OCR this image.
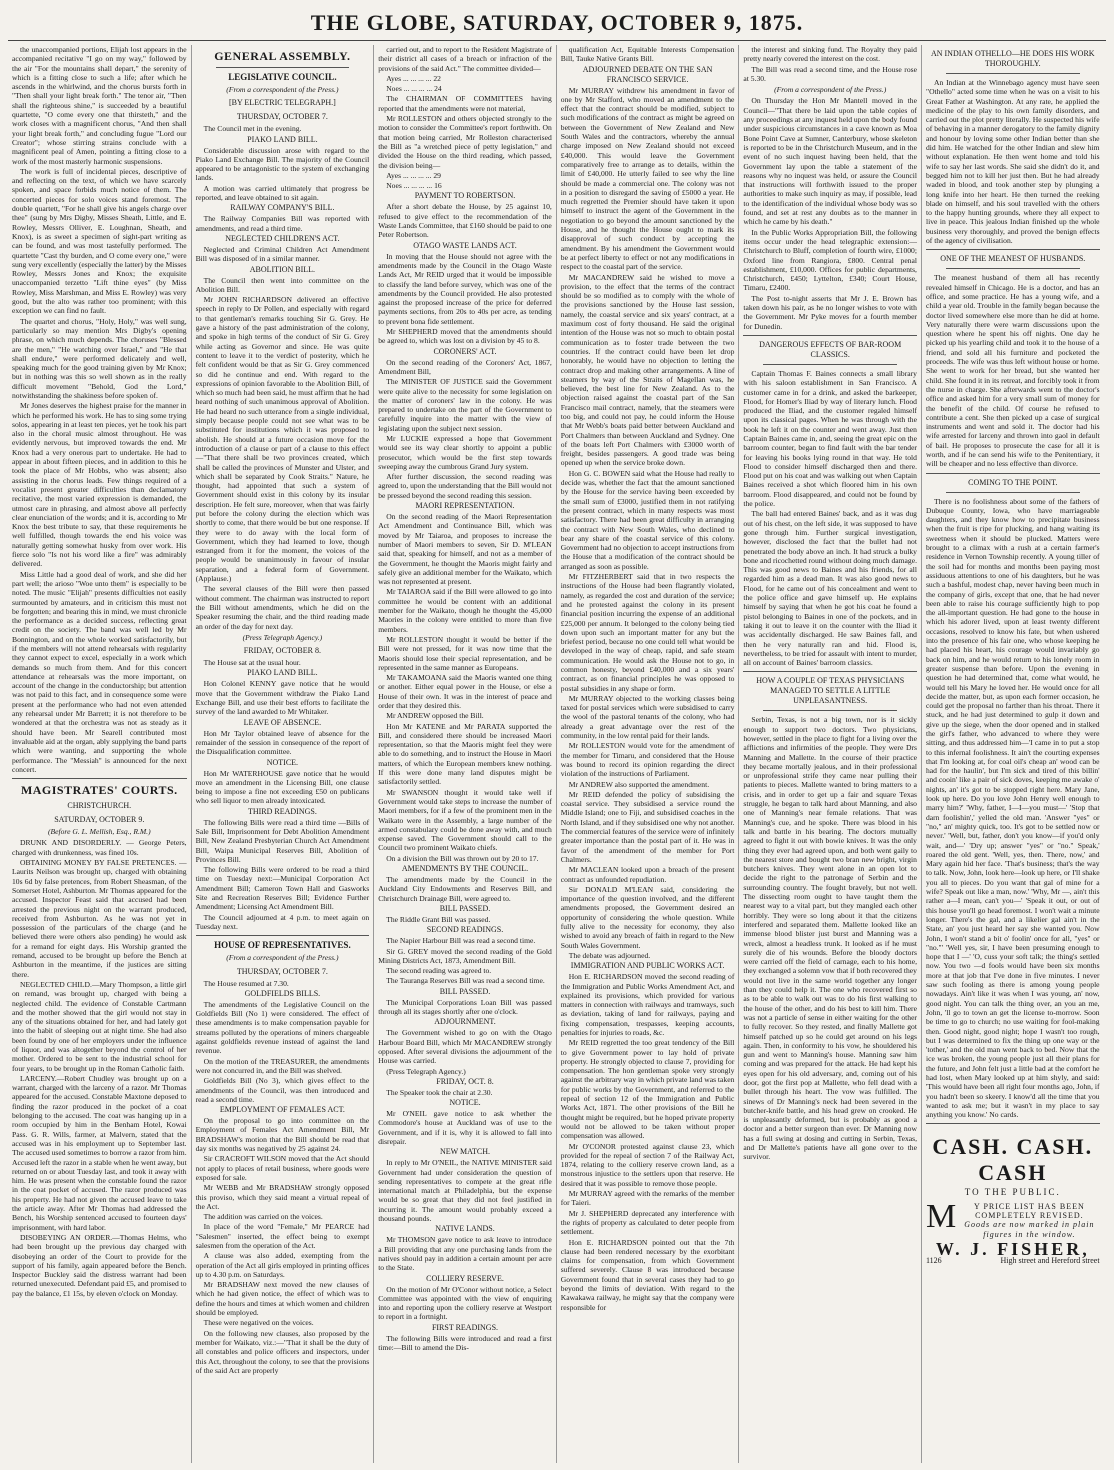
THE GLOBE, SATURDAY, OCTOBER 9, 1875.

the unaccompanied portions, Elijah lost appears in the accompanied recitative "I go on my way," followed by the air "For the mountains shall depart," the serenity of which is a fitting close to such a life; after which he ascends in the whirlwind, and the chorus bursts forth in "Then shall your light break forth." The tenor air, "Then shall the righteous shine," is succeeded by a beautiful quartette, "O come every one that thirsteth," and the work closes with a magnificent chorus, "And then shall your light break forth," and concluding fugue "Lord our Creator"; whose stirring strains conclude with a magnificent peal of Amen, pointing a fitting close to a work of the most masterly harmonic suspensions.

The work is full of incidental pieces, descriptive of and reflecting on the text, of which we have scarcely spoken, and space forbids much notice of them. The concerted pieces for solo voices stand foremost. The double quartett, "For he shall give his angels charge over thee" (sung by Mrs Digby, Misses Sheath, Little, and E. Rowley, Messrs Olliver, E. Loughnan, Sheath, and Knox), is as sweet a specimen of sight-part writing as can be found, and was most tastefully performed. The quartette "Cast thy burden, and O come every one," were sung very excellently (especially the latter) by the Misses Rowley, Messrs Jones and Knox; the exquisite unaccompanied terzetto "Lift thine eyes" (by Miss Rowley, Miss Marshman, and Miss E. Rowley) was very good, but the alto was rather too prominent; with this exception we can find no fault.

The quartet and chorus, "Holy, Holy," was well sung, particularly so may mention Mrs Digby's opening phrase, on which much depends. The choruses "Blessed are the men," "He watching over Israel," and "He that shall endure," were performed delicately and well, speaking much for the good training given by Mr Knox; but in nothing was this so well shown as in the really difficult movement "Behold, God the Lord," notwithstanding the shakiness before spoken of.

Mr Jones deserves the highest praise for the manner in which he performed his work. He has to sing some trying solos, appearing in at least ten pieces, yet he took his part also in the choral music almost throughout. He was evidently nervous, but improved towards the end. Mr Knox had a very onerous part to undertake. He had to appear in about fifteen pieces, and in addition to this he took the place of Mr Hobbs, who was absent; also assisting in the chorus leads. Few things required of a vocalist present greater difficulties than declamatory recitative, the most varied expression is demanded, the utmost care in phrasing, and almost above all perfectly clear enunciation of the words; and it is, according to Mr Knox the best tribute to say, that these requirements he well fulfilled, though towards the end his voice was naturally getting somewhat husky from over work. His fierce solo "Is not his word like a fire" was admirably delivered.

Miss Little had a good deal of work, and she did her part well; the arioso "Woe unto them" is especially to be noted. The music "Elijah" presents difficulties not easily surmounted by amateurs, and in criticism this must not be forgotten; and bearing this in mind, we must chronicle the performance as a decided success, reflecting great credit on the society. The band was well led by Mr Bonnington, and on the whole worked satisfactorily, but if the members will not attend rehearsals with regularity they cannot expect to excel, especially in a work which demands so much from them. And for this concert attendance at rehearsals was the more important, on account of the change in the conductorship; but attention was not paid to this fact, and in consequence some were present at the performance who had not even attended any rehearsal under Mr Barrett; it is not therefore to be wondered at that the orchestra was not as steady as it should have been. Mr Searell contributed most invaluable aid at the organ, ably supplying the band parts which were wanting, and supporting the whole performance. The "Messiah" is announced for the next concert.

MAGISTRATES' COURTS.
CHRISTCHURCH.
SATURDAY, OCTOBER 9.
(Before G. L. Mellish, Esq., R.M.)

DRUNK AND DISORDERLY. — George Peters, charged with drunkenness, was fined 10s.

OBTAINING MONEY BY FALSE PRETENCES. —Laurits Neilson was brought up, charged with obtaining 10s 6d by false pretences, from Robert Sheasman, of the Somerset Hotel, Ashburton. Mr Thomas appeared for the accused. Inspector Feast said that accused had been arrested the previous night on the warrant produced, received from Ashburton. As he was not yet in possession of the particulars of the charge (and he believed there were others also pending) he would ask for a remand for eight days. His Worship granted the remand, accused to be brought up before the Bench at Ashburton in the meantime, if the justices are sitting there.

NEGLECTED CHILD.—Mary Thompson, a little girl on remand, was brought up, charged with being a neglected child. The evidence of Constable Cartmann and the mother showed that the girl would not stay in any of the situations obtained for her, and had lately got into the habit of sleeping out at night time. She had also been found by one of her employers under the influence of liquor, and was altogether beyond the control of her mother. Ordered to be sent to the industrial school for four years, to be brought up in the Roman Catholic faith.

LARCENY.—Robert Chudley was brought up on a warrant, charged with the larceny of a razor. Mr Thomas appeared for the accused. Constable Maxtone deposed to finding the razor produced in the pocket of a coat belonging to the accused. The coat was hanging up in a room occupied by him in the Benham Hotel, Kowai Pass. G. R. Wills, farmer, at Malvern, stated that the accused was in his employment up to September last. The accused used sometimes to borrow a razor from him. Accused left the razor in a stable when he went away, but returned on or about Tuesday last, and took it away with him. He was present when the constable found the razor in the coat pocket of accused. The razor produced was his property. He had not given the accused leave to take the article away. After Mr Thomas had addressed the Bench, his Worship sentenced accused to fourteen days' imprisonment, with hard labor.

DISOBEYING AN ORDER.—Thomas Helms, who had been brought up the previous day charged with disobeying an order of the Court to provide for the support of his family, again appeared before the Bench. Inspector Buckley said the distress warrant had been returned unexecuted. Defendant paid £5, and promised to pay the balance, £1 15s, by eleven o'clock on Monday.

GENERAL ASSEMBLY.
LEGISLATIVE COUNCIL.
(From a correspondent of the Press.)
[BY ELECTRIC TELEGRAPH.]
THURSDAY, OCTOBER 7.

The Council met in the evening.

PIAKO LAND BILL.

Considerable discussion arose with regard to the Piako Land Exchange Bill. The majority of the Council appeared to be antagonistic to the system of exchanging lands.

A motion was carried ultimately that progress be reported, and leave obtained to sit again.

RAILWAY COMPANY'S BILL.

The Railway Companies Bill was reported with amendments, and read a third time.

NEGLECTED CHILDREN'S ACT.

Neglected and Criminal Children Act Amendment Bill was disposed of in a similar manner.

ABOLITION BILL.

The Council then went into committee on the Abolition Bill.

Mr JOHN RICHARDSON delivered an effective speech in reply to Dr Pollen, and especially with regard to that gentleman's remarks touching Sir G. Grey. He gave a history of the past administration of the colony, and spoke in high terms of the conduct of Sir G. Grey while acting as Governor and since. He was quite content to leave it to the verdict of posterity, which he felt confident would be that as Sir G. Grey commenced so did he continue and end. With regard to the expressions of opinion favorable to the Abolition Bill, of which so much had been said, he must affirm that he had heard nothing of such unanimous approval of Abolition. He had heard no such utterance from a single individual, simply because people could not see what was to be substituted for institutions which it was proposed to abolish. He should at a future occasion move for the introduction of a clause or part of a clause to this effect—"That there shall be two provinces created, which shall be called the provinces of Munster and Ulster, and which shall be separated by Cook Straits." Nature, he thought, had appointed that such a system of Government should exist in this colony by its insular description. He felt sure, moreover, when that was fairly put before the colony during the election which was shortly to come, that there would be but one response. If they were to do away with the local form of Government, which they had learned to love, though estranged from it for the moment, the voices of the people would be unanimously in favour of insular separation, and a federal form of Government. (Applause.)

The several clauses of the Bill were then passed without comment. The chairman was instructed to report the Bill without amendments, which he did on the Speaker resuming the chair, and the third reading made an order of the day for next day.

(Press Telegraph Agency.)
FRIDAY, OCTOBER 8.

The House sat at the usual hour.

PIAKO LAND BILL.

Hon Colonel KENNY gave notice that he would move that the Government withdraw the Piako Land Exchange Bill, and use their best efforts to facilitate the survey of the land awarded to Mr Whitaker.

LEAVE OF ABSENCE.

Hon Mr Taylor obtained leave of absence for the remainder of the session in consequence of the report of the Disqualification committee.

NOTICE.

Hon Mr WATERHOUSE gave notice that he would move an amendment in the Licensing Bill, one clause being to impose a fine not exceeding £50 on publicans who sell liquor to men already intoxicated.

THIRD READINGS.

The following Bills were read a third time —Bills of Sale Bill, Imprisonment for Debt Abolition Amendment Bill, New Zealand Presbyterian Church Act Amendment Bill, Waipa Municipal Reserves Bill, Abolition of Provinces Bill.

The following Bills were ordered to be read a third time on Tuesday next:—Municipal Corporation Act Amendment Bill; Cameron Town Hall and Gasworks Site and Recreation Reserves Bill; Evidence Further Amendment; Licensing Act Amendment Bill.

The Council adjourned at 4 p.m. to meet again on Tuesday next.

HOUSE OF REPRESENTATIVES.
(From a correspondent of the Press.)
THURSDAY, OCTOBER 7.

The House resumed at 7.30.

GOLDFIELDS BILLS.

The amendments of the Legislative Council on the Goldfields Bill (No 1) were considered. The effect of these amendments is to make compensation payable for streams polluted by the operations of miners chargeable against goldfields revenue instead of against the land revenue.

On the motion of the TREASURER, the amendments were not concurred in, and the Bill was shelved.

Goldfields Bill (No 3), which gives effect to the amendments of the Council, was then introduced and read a second time.

EMPLOYMENT OF FEMALES ACT.

On the proposal to go into committee on the Employment of Females Act Amendment Bill, Mr BRADSHAW's motion that the Bill should be read that day six months was negatived by 25 against 24.

Sir CRACROFT WILSON moved that the Act should not apply to places of retail business, where goods were exposed for sale.

Mr WEBB and Mr BRADSHAW strongly opposed this proviso, which they said meant a virtual repeal of the Act.

The addition was carried on the voices.

In place of the word "Female," Mr PEARCE had "Salesmen" inserted, the effect being to exempt salesmen from the operation of the Act.

A clause was also added, exempting from the operation of the Act all girls employed in printing offices up to 4.30 p.m. on Saturdays.

Mr BRADSHAW next moved the new clauses of which he had given notice, the effect of which was to define the hours and times at which women and children should be employed.

These were negatived on the voices.

On the following new clauses, also proposed by the member for Waikato, viz.:—"That it shall be the duty of all constables and police officers and inspectors, under this Act, throughout the colony, to see that the provisions of the said Act are properly

carried out, and to report to the Resident Magistrate of their district all cases of a breach or infraction of the provisions of the said Act." The committee divided—

Ayes ... ... ... ... 22

Noes ... ... ... ... 24

The CHAIRMAN OF COMMITTEES having reported that the amendments were not material,

Mr ROLLESTON and others objected strongly to the motion to consider the Committee's report forthwith. On that motion being carried, Mr Rolleston characterised the Bill as "a wretched piece of petty legislation," and divided the House on the third reading, which passed, the division being—

Ayes ... ... ... ... 29

Noes ... ... ... ... 16

PAYMENT TO ROBERTSON.

After a short debate the House, by 25 against 10, refused to give effect to the recommendation of the Waste Lands Committee, that £160 should be paid to one Peter Robertson.

OTAGO WASTE LANDS ACT.

In moving that the House should not agree with the amendments made by the Council in the Otago Waste Lands Act, Mr REID urged that it would be impossible to classify the land before survey, which was one of the amendments by the Council provided. He also protested against the proposed increase of the price for deferred payments sections, from 20s to 40s per acre, as tending to prevent bona fide settlement.

Mr SHEPHERD moved that the amendments should be agreed to, which was lost on a division by 45 to 8.

CORONERS' ACT.

On the second reading of the Coroners' Act, 1867, Amendment Bill,

The MINISTER OF JUSTICE said the Government were quite alive to the necessity for some legislation on the matter of coroners' law in the colony. He was prepared to undertake on the part of the Government to carefully inquire into the matter with the view of legislating upon the subject next session.

Mr LUCKIE expressed a hope that Government would see its way clear shortly to appoint a public prosecutor, which would be the first step towards sweeping away the cumbrous Grand Jury system.

After further discussion, the second reading was agreed to, upon the understanding that the Bill would not be pressed beyond the second reading this session.

MAORI REPRESENTATION.

On the second reading of the Maori Representation Act Amendment and Continuance Bill, which was moved by Mr Taiaroa, and proposes to increase the number of Maori members to seven, Sir D. M'LEAN said that, speaking for himself, and not as a member of the Government, he thought the Maoris might fairly and safely give an additional member for the Waikato, which was not represented at present.

Mr TAIAROA said if the Bill were allowed to go into committee he would be content with an additional member for the Waikato, though he thought the 45,000 Maories in the colony were entitled to more than five members.

Mr ROLLESTON thought it would be better if the Bill were not pressed, for it was now time that the Maoris should lose their special representation, and be represented in the same manner as Europeans.

Mr TAKAMOANA said the Maoris wanted one thing or another. Either equal power in the House, or else a House of their own. It was in the interest of peace and order that they desired this.

Mr ANDREW opposed the Bill.

Hon Mr KATENE and Mr PARATA supported the Bill, and considered there should be increased Maori representation, so that the Maoris might feel they were able to do something, and to instruct the House in Maori matters, of which the European members knew nothing. If this were done many land disputes might be satisfactorily settled.

Mr SWANSON thought it would take well if Government would take steps to increase the number of Maori members, for if a few of the prominent men in the Waikato were in the Assembly, a large number of the armed constabulary could be done away with, and much expense saved. The Government should call to the Council two prominent Waikato chiefs.

On a division the Bill was thrown out by 20 to 17.

AMENDMENTS BY THE COUNCIL.

The amendments made by the Council in the Auckland City Endowments and Reserves Bill, and Christchurch Drainage Bill, were agreed to.

BILL PASSED.

The Riddle Grant Bill was passed.

SECOND READINGS.

The Napier Harbour Bill was read a second time.

Sir G. GREY moved the second reading of the Gold Mining Districts Act, 1873, Amendment Bill.

The second reading was agreed to.

The Tauranga Reserves Bill was read a second time.

BILL PASSED.

The Municipal Corporations Loan Bill was passed through all its stages shortly after one o'clock.

ADJOURNMENT.

The Government wished to go on with the Otago Harbour Board Bill, which Mr MACANDREW strongly opposed. After several divisions the adjournment of the House was carried.

(Press Telegraph Agency.)

FRIDAY, OCT. 8.

The Speaker took the chair at 2.30.

NOTICE.

Mr O'NEIL gave notice to ask whether the Commodore's house at Auckland was of use to the Government, and if it is, why it is allowed to fall into disrepair.

NEW MATCH.

In reply to Mr O'NEIL, the NATIVE MINISTER said Government had under consideration the question of sending representatives to compete at the great rifle international match at Philadelphia, but the expense would be so great that they did not feel justified in incurring it. The amount would probably exceed a thousand pounds.

NATIVE LANDS.

Mr THOMSON gave notice to ask leave to introduce a Bill providing that any one purchasing lands from the natives should pay in addition a certain amount per acre to the State.

COLLIERY RESERVE.

On the motion of Mr O'Conor without notice, a Select Committee was appointed with the view of enquiring into and reporting upon the colliery reserve at Westport to report in a fortnight.

FIRST READINGS.

The following Bills were introduced and read a first time:—Bill to amend the Dis-

qualification Act, Equitable Interests Compensation Bill, Tauke Native Grants Bill.

ADJOURNED DEBATE ON THE SAN FRANCISCO SERVICE.

Mr MURRAY withdrew his amendment in favor of one by Mr Stafford, who moved an amendment to the effect that the contract should be modified, subject to such modifications of the contract as might be agreed on between the Government of New Zealand and New South Wales and the contractors, whereby the annual charge imposed on New Zealand should not exceed £40,000. This would leave the Government comparatively free to arrange as to details, within the limit of £40,000. He utterly failed to see why the line should be made a commercial one. The colony was not in a position to disregard the saving of £5000 a year. He much regretted the Premier should have taken it upon himself to instruct the agent of the Government in the negotiation to go beyond the amount sanctioned by the House, and he thought the House ought to mark its disapproval of such conduct by accepting the amendment. By his amendment the Government would be at perfect liberty to effect or not any modifications in respect to the coastal part of the service.

Mr MACANDREW said he wished to move a provision, to the effect that the terms of the contract should be so modified as to comply with the whole of the provisions sanctioned by the House last session, namely, the coastal service and six years' contract, at a maximum cost of forty thousand. He said the original intention of the House was not so much to obtain postal communication as to foster trade between the two countries. If the contract could have been let drop honorably, he would have no objection to letting the contract drop and making other arrangements. A line of steamers by way of the Straits of Magellan was, he believed, the best line for New Zealand. As to the objection raised against the coastal part of the San Francisco mail contract, namely, that the steamers were too big, and could not pay, he could inform the House that Mr Webb's boats paid better between Auckland and Port Chalmers than between Auckland and Sydney. One of the boats left Port Chalmers with £3000 worth of freight, besides passengers. A good trade was being opened up when the service broke down.

Hon G. C. BOWEN said what the House had really to decide was, whether the fact that the amount sanctioned by the House for the service having been exceeded by the small sum of £3000, justified them in not ratifying the present contract, which in many respects was most satisfactory. There had been great difficulty in arranging the contract with New South Wales, who declined to bear any share of the coastal service of this colony. Government had no objection to accept instructions from the House that a modification of the contract should be arranged as soon as possible.

Mr FITZHERBERT said that in two respects the instructions of the House had been flagrantly violated, namely, as regarded the cost and duration of the service; and he protested against the colony in its present financial position incurring the expense of an additional £25,000 per annum. It belonged to the colony being tied down upon such an important matter for any but the briefest period, because no one could tell what would be developed in the way of cheap, rapid, and safe steam communication. He would ask the House not to go, in common honesty, beyond £40,000 and a six years' contract, as on financial principles he was opposed to postal subsidies in any shape or form.

Mr MURRAY objected to the working classes being taxed for postal services which were subsidised to carry the wool of the pastoral tenants of the colony, who had already a great advantage over the rest of the community, in the low rental paid for their lands.

Mr ROLLESTON would vote for the amendment of the member for Timaru, and considered that the House was bound to record its opinion regarding the direct violation of the instructions of Parliament.

Mr ANDREW also supported the amendment.

Mr REID defended the policy of subsidising the coastal service. They subsidised a service round the Middle Island; one to Fiji, and subsidised coaches in the North Island, and if they subsidised one why not another. The commercial features of the service were of infinitely greater importance than the postal part of it. He was in favor of the amendment of the member for Port Chalmers.

Mr MACLEAN looked upon a breach of the present contract as unfounded repudiation.

Sir DONALD M'LEAN said, considering the importance of the question involved, and the different amendments proposed, the Government desired an opportunity of considering the whole question. While fully alive to the necessity for economy, they also wished to avoid any breach of faith in regard to the New South Wales Government.

The debate was adjourned.

IMMIGRATION AND PUBLIC WORKS ACT.

Hon E. RICHARDSON moved the second reading of the Immigration and Public Works Amendment Act, and explained its provisions, which provided for various matters in connection with railways and tramways, such as deviation, taking of land for railways, paying and fixing compensation, trespasses, keeping accounts, penalties for injuries to roads, &c.

Mr REID regretted the too great tendency of the Bill to give Government power to lay hold of private property. He strongly objected to clause 7, providing for compensation. The hon gentleman spoke very strongly against the arbitrary way in which private land was taken for public works by the Government, and referred to the repeal of section 12 of the Immigration and Public Works Act, 1871. The other provisions of the Bill he thought might be required, but he hoped private property would not be allowed to be taken without proper compensation was allowed.

Mr O'CONOR protested against clause 23, which provided for the repeal of section 7 of the Railway Act, 1874, relating to the colliery reserve crown land, as a monstrous injustice to the settlers upon that reserve. He desired that it was possible to remove those people.

Mr MURRAY agreed with the remarks of the member for Taieri.

Mr J. SHEPHERD deprecated any interference with the rights of property as calculated to deter people from settlement.

Hon E. RICHARDSON pointed out that the 7th clause had been rendered necessary by the exorbitant claims for compensation, from which Government suffered severely. Clause 8 was introduced because Government found that in several cases they had to go beyond the limits of deviation. With regard to the Kawakawa railway, he might say that the company were responsible for

the interest and sinking fund. The Royalty they paid pretty nearly covered the interest on the cost.

The Bill was read a second time, and the House rose at 5.30.

(From a correspondent of the Press.)

On Thursday the Hon Mr Mantell moved in the Council—"That there be laid upon the table copies of any proceedings at any inquest held upon the body found under suspicious circumstances in a cave known as Moa Bone Point Cave at Sumner, Canterbury, whose skeleton is reported to be in the Christchurch Museum, and in the event of no such inquest having been held, that the Government lay upon the table a statement of the reasons why no inquest was held, or assure the Council that instructions will forthwith issued to the proper authorities to make such inquiry as may, if possible, lead to the identification of the individual whose body was so found, and set at rest any doubts as to the manner in which he came by his death."

In the Public Works Appropriation Bill, the following items occur under the head telegraphic extension:—Christchurch to Bluff, completion of fourth wire, £1000; Oxford line from Rangiora, £800. Central penal establishment, £10,000. Offices for public departments, Christchurch, £450; Lyttelton, £340; Court House, Timaru, £2400.

The Post to-night asserts that Mr J. E. Brown has taken down his pair, as he no longer wishes to vote with the Government. Mr Pyke moves for a fourth member for Dunedin.

DANGEROUS EFFECTS OF BAR-ROOM CLASSICS.

Captain Thomas F. Baines connects a small library with his saloon establishment in San Francisco. A customer came in for a drink, and asked the barkeeper, Flood, for Homer's Iliad by way of literary lunch. Flood produced the Iliad, and the customer regaled himself upon its classical pages. When he was through with the book he left it on the counter and went away. Just then Captain Baines came in, and, seeing the great epic on the barroom counter, began to find fault with the bar tender for leaving his books lying round in that way. He told Flood to consider himself discharged then and there. Flood put on his coat and was walking out when Captain Baines received a shot which floored him in his own barroom. Flood disappeared, and could not be found by the police.

The ball had entered Baines' back, and as it was dug out of his chest, on the left side, it was supposed to have gone through him. Further surgical investigation, however, disclosed the fact that the bullet had not penetrated the body above an inch. It had struck a bulky bone and ricochetted round without doing much damage. This was good news to Baines and his friends, for all regarded him as a dead man. It was also good news to Flood, for he came out of his concealment and went to the police office and gave himself up. He explains himself by saying that when he got his coat he found a pistol belonging to Baines in one of the pockets, and in taking it out to leave it on the counter with the Iliad it was accidentally discharged. He saw Baines fall, and then he very naturally ran and hid. Flood is, nevertheless, to be tried for assault with intent to murder, all on account of Baines' barroom classics.

HOW A COUPLE OF TEXAS PHYSICIANS MANAGED TO SETTLE A LITTLE UNPLEASANTNESS.

Serbin, Texas, is not a big town, nor is it sickly enough to support two doctors. Two physicians, however, settled in the place to fight for a living over the afflictions and infirmities of the people. They were Drs Manning and Mallette. In the course of their practice they became mortally jealous, and in their professional or unprofessional strife they came near pulling their patients to pieces. Mallette wanted to bring matters to a crisis, and in order to get up a fair and square Texas struggle, he began to talk hard about Manning, and also one of Manning's near female relations. That was Manning's cue, and he spoke. There was blood in his talk and battle in his bearing. The doctors mutually agreed to fight it out with bowie knives. It was the only thing they ever had agreed upon, and both went gaily to the nearest store and bought two bran new bright, virgin butchers knives. They went alone in an open lot to decide the right to the patronage of Serbin and the surrounding country. The fought bravely, but not well. The dissecting room ought to have taught them the nearest way to a vital part, but they mangled each other horribly. They were so long about it that the citizens interfered and separated them. Mallette looked like an immense blood blister just burst and Manning was a wreck, almost a headless trunk. It looked as if he must surely die of his wounds. Before the bloody doctors were carried off the field of carnage, each to his home, they exchanged a solemn vow that if both recovered they would not live in the same world together any longer than they could help it. The one who recovered first so as to be able to walk out was to do his first walking to the house of the other, and do his best to kill him. There was not a particle of sense in either waiting for the other to fully recover. So they rested, and finally Mallette got himself patched up so he could get around on his legs again. Then, in conformity to his vow, he shouldered his gun and went to Manning's house. Manning saw him coming and was prepared for the attack. He had kept his eyes open for his old adversary, and, coming out of his door, got the first pop at Mallette, who fell dead with a bullet through his heart. The vow was fulfilled. The sinews of Dr Manning's neck had been severed in the butcher-knife battle, and his head grew on crooked. He is unpleasantly deformed, but is probably as good a doctor and a better surgeon than ever. Dr Manning now has a full swing at dosing and cutting in Serbin, Texas, and Dr Mallette's patients have all gone over to the survivor.

AN INDIAN OTHELLO—HE DOES HIS WORK THOROUGHLY.

An Indian at the Winnebago agency must have seen "Othello" acted some time when he was on a visit to his Great Father at Washington. At any rate, he applied the medicine of the play to his own family disorders, and carried out the plot pretty literally. He suspected his wife of behaving in a manner derogatory to the family dignity and honour by loving some other Indian better than she did him. He watched for the other Indian and slew him without explanation. He then went home and told his wife to say her last words. She said she didn't do it, and begged him not to kill her just then. But he had already waded in blood, and took another step by plunging a long knife into her heart. He then turned the reeking blade on himself, and his soul travelled with the others to the happy hunting grounds, where they all expect to live in peace. This jealous Indian finished up the whole business very thoroughly, and proved the benign effects of the agency of civilisation.

ONE OF THE MEANEST OF HUSBANDS.

The meanest husband of them all has recently revealed himself in Chicago. He is a doctor, and has an office, and some practice. He has a young wife, and a child a year old. Trouble in the family began because the doctor lived somewhere else more than he did at home. Very naturally there were warm discussions upon the question where he spent his off nights. One day he picked up his yearling child and took it to the house of a friend, and sold all his furniture and pocketed the proceeds. The wife was thus left without house or home. She went to work for her bread, but she wanted her child. She found it in its retreat, and forcibly took it from the nurse in charge. She afterwards went to the doctor's office and asked him for a very small sum of money for the benefit of the child. Of course he refused to contribute a cent. She then picked up a case of surgical instruments and went and sold it. The doctor had his wife arrested for larceny and thrown into gaol in default of bail. He proposes to prosecute the case for all it is worth, and if he can send his wife to the Penitentiary, it will be cheaper and no less effective than divorce.

COMING TO THE POINT.

There is no foolishness about some of the fathers of Dubuque County, Iowa, who have marriageable daughters, and they know how to precipitate business when the fruit is ripe for plucking, and hang waiting its sweetness when it should be plucked. Matters were brought to a climax with a rush at a certain farmer's residence in Vernon Township recently. A young tiller of the soil had for months and months been paying most assiduous attentions to one of his daughters, but he was such a bashful, modest chap, never having been much in the company of girls, except that one, that he had never been able to raise his courage sufficiently high to pop the all-important question. He had gone to the house in which his adorer lived, upon at least twenty different occasions, resolved to know his fate, but when ushered into the presence of his fair one, who whose keeping he had placed his heart, his courage would invariably go back on him, and he would return to his lonely room in greater suspense than before. Upon the evening in question he had determined that, come what would, he would tell his Mary he loved her. He would once for all decide the matter, but, as upon each former occasion, he could get the proposal no farther than his throat. There it stuck, and he had just determined to gulp it down and give up the siege, when the door opened and in stalked the girl's father, who advanced to where they were sitting, and thus addressed him—'I came in to put a stop to this infernal foolishness. It ain't the courting expenses that I'm looking at, for coal oil's cheap an' wood can be had for the haulin', but I'm sick and tired of this billin' and cooin' like a pair of sick doves, keeping me awake o' nights, an' it's got to be stopped right here. Mary Jane, look up here. Do you love John Henry well enough to marry him?' 'Why, father, I—I—you must—' 'Stop that darn foolishin',' yelled the old man. 'Answer "yes" or "no," an' mighty quick, too. It's got to be settled now or never.' 'Well, but, father, don't you know—if you'd only wait, and—' 'Dry up; answer "yes" or "no." Speak,' roared the old gent. 'Well, yes, then. There, now,' and Mary again hid her face. 'That's business; that's the way to talk. Now, John, look here—look up here, or I'll shake you all to pieces. Do you want that gal of mine for a wife? Speak out like a man, now.' 'Why, Mr —, ain't this rather a—I mean, can't you—' 'Speak it out, or out of this house you'll go head foremost. I won't wait a minute longer. There's the gal, and a likelier gal ain't in the State, an' you just heard her say she wanted you. Now John, I won't stand a bit o' foolin' once for all, "yes" or "no."' 'Well yes, sir, I have been presuming enough to hope that I —' 'O, cuss your soft talk; the thing's settled now. You two —d fools would have been six months more at that job that I've done in five minutes. I never saw such fooling as there is among young people nowadays. Ain't like it was when I was young, an' now, good night. You can talk the thing over, an you an me, John, 'll go to town an get the license to-morrow. Soon be time to go to church; no use waiting for fool-making then. Good night, good night; hope I wasn't too rough, but I was determined to fix the thing up one way or the 'tother,' and the old man went back to bed. Now that the ice was broken, the young people just all their plans for the future, and John felt just a little bad at the comfort he had lost, when Mary looked up at him shyly, and said: 'This would have been all right four months ago, John, if you hadn't been so skeery. I know'd all the time that you wanted to ask me; but it wasn't in my place to say anything you know.' No cards.

CASH. CASH. CASH
TO THE PUBLIC.
M	Y PRICE LIST HAS BEEN COMPLETELY REVISED.
Goods are now marked in plain figures in the window.
W. J. FISHER,
1126	High street and Hereford street
